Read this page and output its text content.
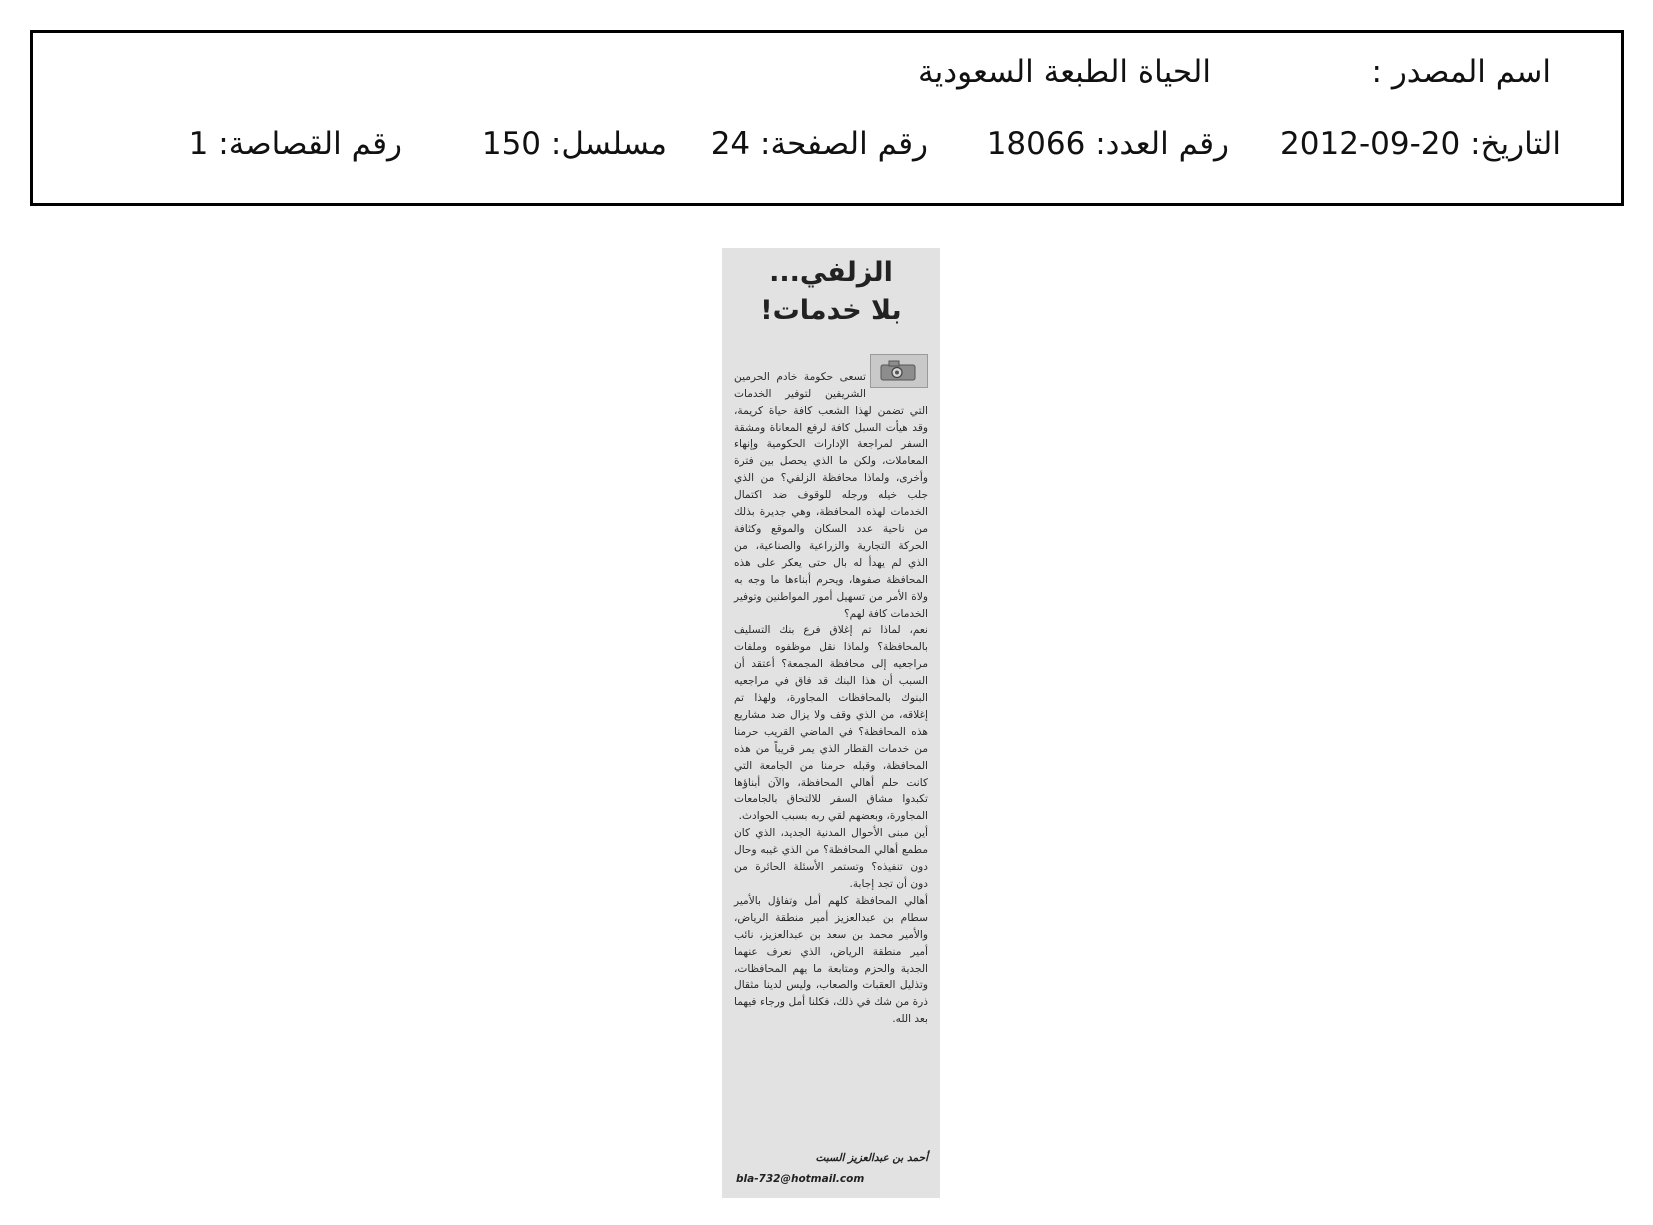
اسم المصدر :
الحياة الطبعة السعودية
التاريخ: 2012-09-20
رقم العدد: 18066
رقم الصفحة: 24
مسلسل: 150
رقم القصاصة: 1
الزلفي...
بلا خدمات!

تسعى حكومة خادم الحرمين الشريفين لتوفير الخدمات التي تضمن لهذا الشعب كافة حياة كريمة، وقد هيأت السبل كافة لرفع المعاناة ومشقة السفر لمراجعة الإدارات الحكومية وإنهاء المعاملات، ولكن ما الذي يحصل بين فترة وأخرى، ولماذا محافظة الزلفي؟ من الذي جلب خيله ورجله للوقوف ضد اكتمال الخدمات لهذه المحافظة، وهي جديرة بذلك من ناحية عدد السكان والموقع وكثافة الحركة التجارية والزراعية والصناعية، من الذي لم يهدأ له بال حتى يعكر على هذه المحافظة صفوها، ويحرم أبناءها ما وجه به ولاة الأمر من تسهيل أمور المواطنين وتوفير الخدمات كافة لهم؟
نعم، لماذا تم إغلاق فرع بنك التسليف بالمحافظة؟ ولماذا نقل موظفوه وملفات مراجعيه إلى محافظة المجمعة؟ أعتقد أن السبب أن هذا البنك قد فاق في مراجعيه البنوك بالمحافظات المجاورة، ولهذا تم إغلاقه، من الذي وقف ولا يزال ضد مشاريع هذه المحافظة؟ في الماضي القريب حرمنا من خدمات القطار الذي يمر قريباً من هذه المحافظة، وقبله حرمنا من الجامعة التي كانت حلم أهالي المحافظة، والآن أبناؤها تكبدوا مشاق السفر للالتحاق بالجامعات المجاورة، وبعضهم لقي ربه بسبب الحوادث.
أين مبنى الأحوال المدنية الجديد، الذي كان مطمع أهالي المحافظة؟ من الذي غيبه وحال دون تنفيذه؟ وتستمر الأسئلة الحائرة من دون أن تجد إجابة.
أهالي المحافظة كلهم أمل وتفاؤل بالأمير سطام بن عبدالعزيز أمير منطقة الرياض، والأمير محمد بن سعد بن عبدالعزيز، نائب أمير منطقة الرياض، الذي نعرف عنهما الجدية والحزم ومتابعة ما يهم المحافظات، وتذليل العقبات والصعاب، وليس لدينا مثقال ذرة من شك في ذلك، فكلنا أمل ورجاء فيهما بعد الله.

أحمد بن عبدالعزيز السبت
bla-732@hotmail.com
